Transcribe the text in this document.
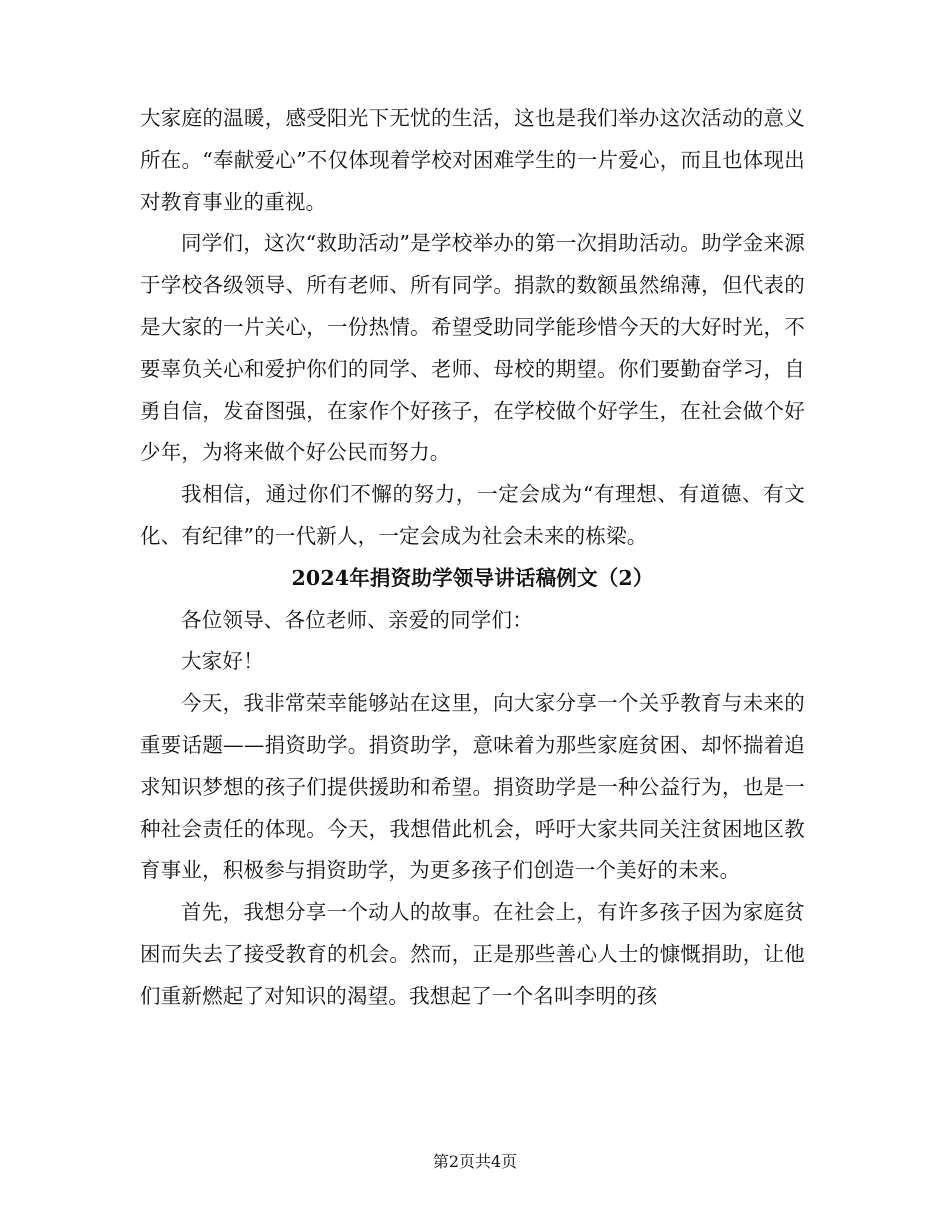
大家庭的温暖，感受阳光下无忧的生活，这也是我们举办这次活动的意义所在。“奉献爱心”不仅体现着学校对困难学生的一片爱心，而且也体现出对教育事业的重视。

同学们，这次“救助活动”是学校举办的第一次捐助活动。助学金来源于学校各级领导、所有老师、所有同学。捐款的数额虽然绵薄，但代表的是大家的一片关心，一份热情。希望受助同学能珍惜今天的大好时光，不要辜负关心和爱护你们的同学、老师、母校的期望。你们要勤奋学习，自勇自信，发奋图强，在家作个好孩子，在学校做个好学生，在社会做个好少年，为将来做个好公民而努力。

我相信，通过你们不懈的努力，一定会成为“有理想、有道德、有文化、有纪律”的一代新人，一定会成为社会未来的栋梁。

2024年捐资助学领导讲话稿例文（2）

各位领导、各位老师、亲爱的同学们：

大家好！

今天，我非常荣幸能够站在这里，向大家分享一个关乎教育与未来的重要话题——捐资助学。捐资助学，意味着为那些家庭贫困、却怀揣着追求知识梦想的孩子们提供援助和希望。捐资助学是一种公益行为，也是一种社会责任的体现。今天，我想借此机会，呼吁大家共同关注贫困地区教育事业，积极参与捐资助学，为更多孩子们创造一个美好的未来。

首先，我想分享一个动人的故事。在社会上，有许多孩子因为家庭贫困而失去了接受教育的机会。然而，正是那些善心人士的慷慨捐助，让他们重新燃起了对知识的渴望。我想起了一个名叫李明的孩

第2页共4页
